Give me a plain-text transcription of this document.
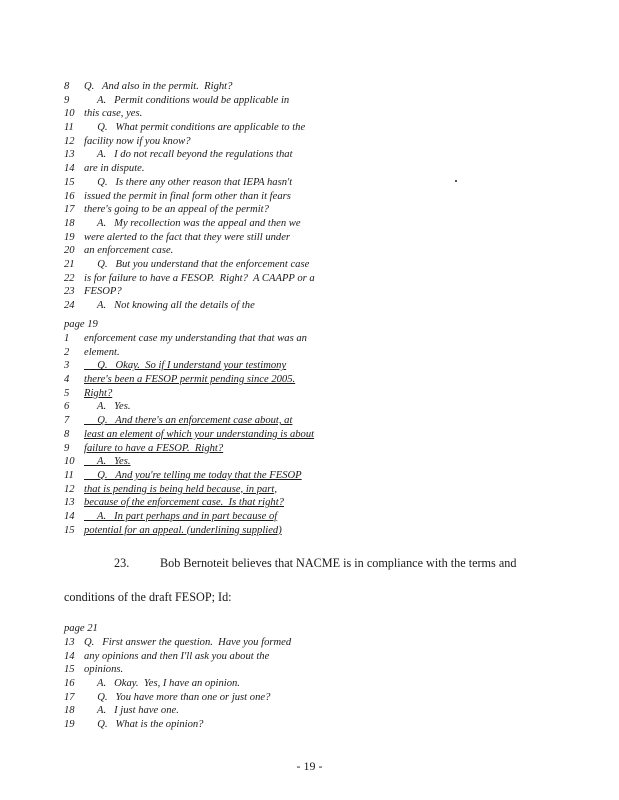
8 Q.   And also in the permit.  Right?
9     A.   Permit conditions would be applicable in
10 this case, yes.
11     Q.   What permit conditions are applicable to the
12 facility now if you know?
13     A.   I do not recall beyond the regulations that
14 are in dispute.
15     Q.   Is there any other reason that IEPA hasn't
16 issued the permit in final form other than it fears
17 there's going to be an appeal of the permit?
18     A.   My recollection was the appeal and then we
19 were alerted to the fact that they were still under
20 an enforcement case.
21     Q.   But you understand that the enforcement case
22 is for failure to have a FESOP.  Right?  A CAAPP or a
23 FESOP?
24     A.   Not knowing all the details of the
page 19
1 enforcement case my understanding that that was an
2 element.
3     Q.   Okay.  So if I understand your testimony
4 there's been a FESOP permit pending since 2005.
5 Right?
6     A.   Yes.
7     Q.   And there's an enforcement case about, at
8 least an element of which your understanding is about
9 failure to have a FESOP.  Right?
10     A.   Yes.
11     Q.   And you're telling me today that the FESOP
12 that is pending is being held because, in part,
13 because of the enforcement case.  Is that right?
14     A.   In part perhaps and in part because of
15 potential for an appeal. (underlining supplied)
23.	Bob Bernoteit believes that NACME is in compliance with the terms and
conditions of the draft FESOP; Id:
page 21
13 Q.   First answer the question.  Have you formed
14 any opinions and then I'll ask you about the
15 opinions.
16     A.   Okay.  Yes, I have an opinion.
17     Q.   You have more than one or just one?
18     A.   I just have one.
19     Q.   What is the opinion?
- 19 -
